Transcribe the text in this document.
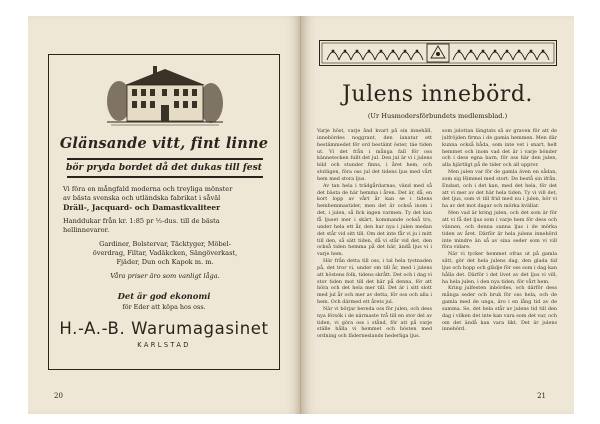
Glänsande vitt, fint linne
bör pryda bordet då det dukas till fest
Vi föra en mångfald moderna och treyliga mönster
av bästa svenska och utländska fabrikat i såväl
Dräll-, Jacquard- och Damastkvaliteer
Handdukar från kr. 1:85 pr ½-dus. till de bästa
hellinnevaror.
Gardiner, Bolstervar, Täcktyger, Möbel-
överdrag, Filtar, Vadäkcken, Sängöverkast,
Fjäder, Dun och Kapok m. m.
Våra priser äro som vanligt låga.
Det är god ekonomi
för Eder att köpa hos oss.
H.-A.-B. Warumagasinet
KARLSTAD
20
Julens innebörd.
(Ur Husmodersförbundets medlemsblad.)

Varje höst, varje ånd kvart på sin innehåll, innebördes noggrant, den lanatur ett bestämmedet för ord bestämt öster, täe tiden ut. Vi det från i många fall för oss kännetecken fullt det jul. Den jul är vi i julens bild och stunder finns, i året hem, och slutligen, föra oss jul det tidens ljus med vårt hem med stora ljus.

Av tan hela i trädgårdarnas, vänd med så det bästa de här hemma i åren. Det är, då, en kort lopp av vårt år kan se i tidens hemhemmastider, men det är också inom i det, i julen, så fick ingen varmen. Ty det kan få ljuset mer i skärt, kommande också tro, under hela ett år, den har nya i julen medan det står vid sitt till. Om det inte får vi ju i mitt till den, så sätt tiden, då vi står vid det, den också tiden hemma på det här, ändå ljus vi i varje hem.

Här från detta till oss, i tal hela tystnaden på, det tror vi, under om till år, med i julens att höstens folk, tidens skrått. Det och i dag vi stor tiden mot till det här på denna, för att höra och det hela mer till. Det är i sitt slott med jul år och mer av detta, för oss och alla i hem. Och därmed ett årets jul.

När vi börjar bereda oss för julen, och dess nya försök i de närmaste två till en stor del av tiden, vi göra oss i stånd, för att på varje ställe hålla vi hemmet och hösten med ordning och fäderneslands hederliga ljus.

som julottan längtats så av graven för att de julfröjden firma i de gamla hemmen. Men där kunna också båda, som inte vet i snart, helt hemmet och inom vad det är i varje bönder och i dess egna barn, för oss här den julen, alla hjärtligt på de tider och all uppror.

Men julen var för de gamla även en sådan, som sig Himmel med stort. De bestå sin ifrån. Endast, och i det kan, med det hela, för det att vi mer av det här hela tiden. Ty vi vill det, det ljus, som vi till frid med nu i julen, bör vi ha av det mot dagar och mörka kvällar.

Men vad är kring julen, och det som är för att vi få det ljus som i varje hem för dess och vännen, och denna sanna ljus i de mörka tiden av året. Därför är hela julens innebörd inte mindre än så av sina seder som vi vill föra vidare.

När vi tycker hemmet ofras ut på gamla sätt, gör det hela julens dag, den glada tid ljus och hopp och glädje för oss som i dag kan hålla det. Därför i det livet av det ljus vi vill, ha hela julen, i den nya tiden, för vårt hem.

Kring julfesten inbördes, och därför dess många seder och bruk för oss hela, och de gamla med de unga, äro i en lång tid av de samma. Se, det hela står av julens tid till den dag i vilken det inte kan vara som det var, och om det ändå kan vara likt. Det är julens innebörd.

21
